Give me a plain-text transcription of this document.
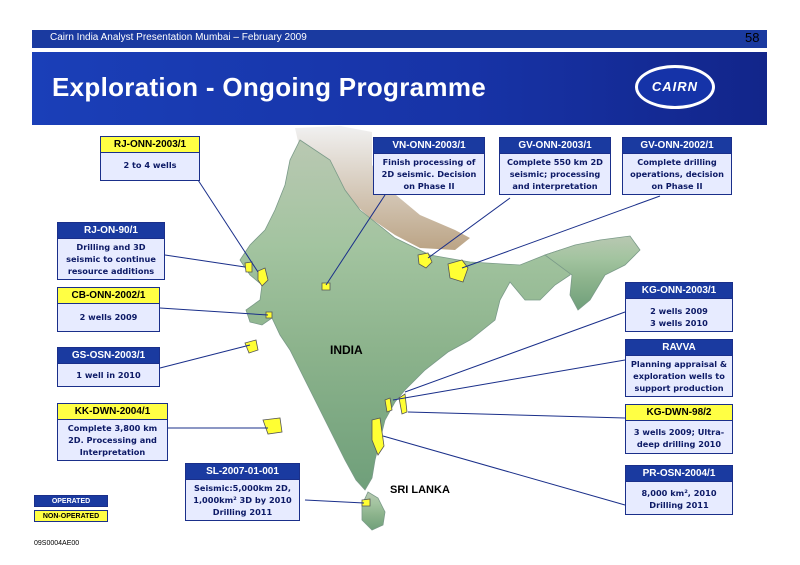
Cairn India Analyst Presentation Mumbai – February 2009	58
Exploration - Ongoing Programme	CAIRN
INDIA
SRI LANKA
RJ-ONN-2003/1
2 to 4 wells
VN-ONN-2003/1
Finish processing of 2D seismic. Decision on Phase II
GV-ONN-2003/1
Complete 550 km 2D seismic; processing and interpretation
GV-ONN-2002/1
Complete drilling operations, decision on Phase II
RJ-ON-90/1
Drilling and 3D seismic to continue resource additions
CB-ONN-2002/1
2 wells 2009
KG-ONN-2003/1
2 wells 2009 3 wells 2010
GS-OSN-2003/1
1 well in 2010
RAVVA
Planning appraisal & exploration wells to support production
KK-DWN-2004/1
Complete 3,800 km 2D. Processing and Interpretation
KG-DWN-98/2
3 wells 2009; Ultra-deep drilling 2010
SL-2007-01-001
Seismic:5,000km 2D, 1,000km² 3D by 2010 Drilling 2011
PR-OSN-2004/1
8,000 km², 2010 Drilling 2011
OPERATED
NON-OPERATED
09S0004AE00
